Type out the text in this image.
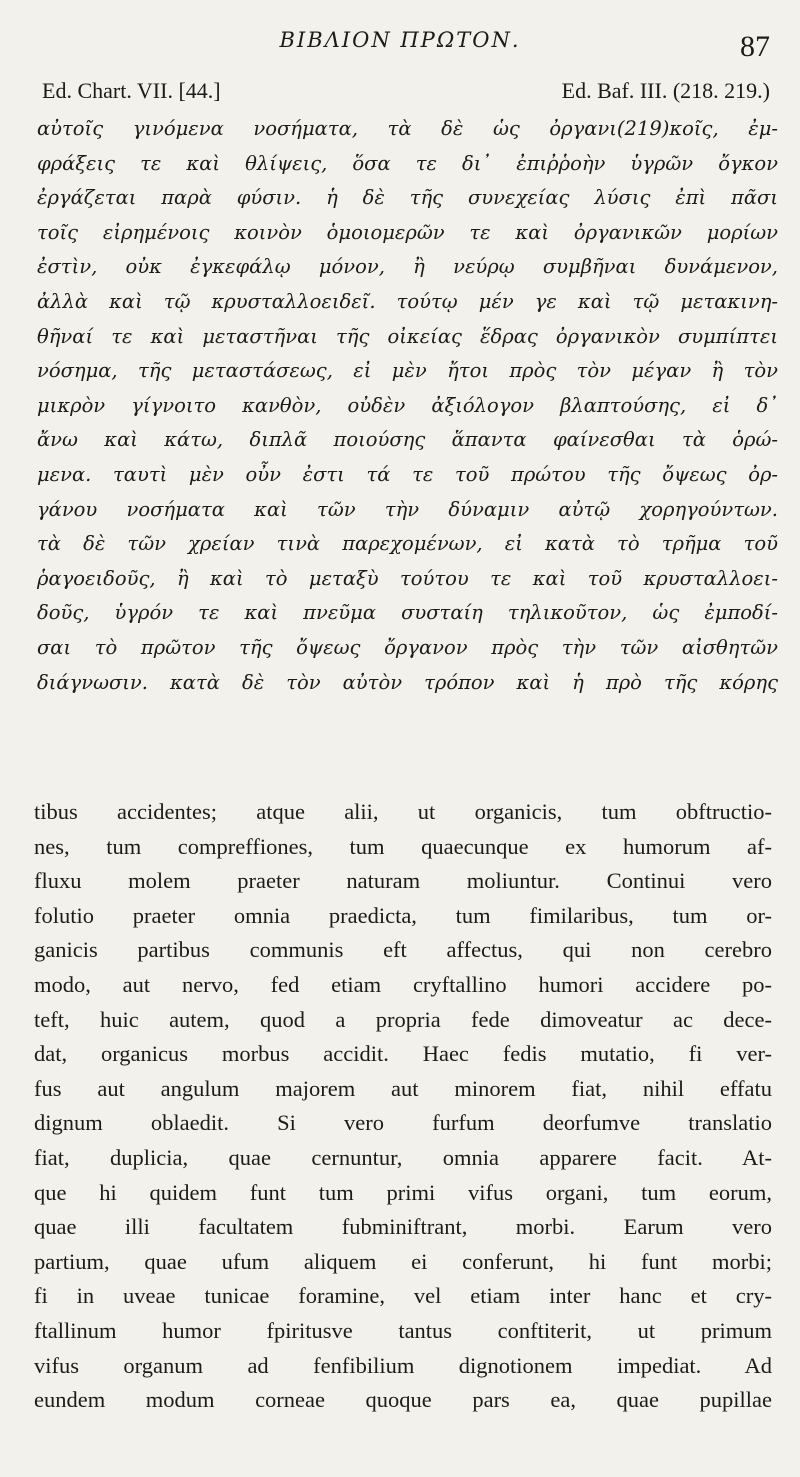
ΒΙΒΛΙΟΝ ΠΡΩΤΟΝ.	87
Ed. Chart. VII. [44.]	Ed. Baf. III. (218. 219.)
αὐτοῖς γινόμενα νοσήματα, τὰ δὲ ὡς ὀργανι(219)κοῖς, ἐμ-
φράξεις τε καὶ θλίψεις, ὅσα τε δι᾽ ἐπιῤῥοὴν ὑγρῶν ὄγκον
ἐργάζεται παρὰ φύσιν. ἡ δὲ τῆς συνεχείας λύσις ἐπὶ πᾶσι
τοῖς εἰρημένοις κοινὸν ὁμοιομερῶν τε καὶ ὀργανικῶν μορίων
ἐστὶν, οὐκ ἐγκεφάλῳ μόνον, ἢ νεύρῳ συμβῆναι δυνάμενον,
ἀλλὰ καὶ τῷ κρυσταλλοειδεῖ. τούτῳ μέν γε καὶ τῷ μετακινη-
θῆναί τε καὶ μεταστῆναι τῆς οἰκείας ἕδρας ὀργανικὸν συμπίπτει
νόσημα, τῆς μεταστάσεως, εἰ μὲν ἤτοι πρὸς τὸν μέγαν ἢ τὸν
μικρὸν γίγνοιτο κανθὸν, οὐδὲν ἀξιόλογον βλαπτούσης, εἰ δ᾽
ἄνω καὶ κάτω, διπλᾶ ποιούσης ἅπαντα φαίνεσθαι τὰ ὁρώ-
μενα. ταυτὶ μὲν οὖν ἐστι τά τε τοῦ πρώτου τῆς ὄψεως ὀρ-
γάνου νοσήματα καὶ τῶν τὴν δύναμιν αὐτῷ χορηγούντων.
τὰ δὲ τῶν χρείαν τινὰ παρεχομένων, εἰ κατὰ τὸ τρῆμα τοῦ
ῥαγοειδοῦς, ἢ καὶ τὸ μεταξὺ τούτου τε καὶ τοῦ κρυσταλλοει-
δοῦς, ὑγρόν τε καὶ πνεῦμα συσταίη τηλικοῦτον, ὡς ἐμποδί-
σαι τὸ πρῶτον τῆς ὄψεως ὄργανον πρὸς τὴν τῶν αἰσθητῶν
διάγνωσιν. κατὰ δὲ τὸν αὐτὸν τρόπον καὶ ἡ πρὸ τῆς κόρης
tibus accidentes; atque alii, ut organicis, tum obftructio-
nes, tum compreffiones, tum quaecunque ex humorum af-
fluxu molem praeter naturam moliuntur. Continui vero
folutio praeter omnia praedicta, tum fimilaribus, tum or-
ganicis partibus communis eft affectus, qui non cerebro
modo, aut nervo, fed etiam cryftallino humori accidere po-
teft, huic autem, quod a propria fede dimoveatur ac dece-
dat, organicus morbus accidit. Haec fedis mutatio, fi ver-
fus aut angulum majorem aut minorem fiat, nihil effatu
dignum oblaedit. Si vero furfum deorfumve translatio
fiat, duplicia, quae cernuntur, omnia apparere facit. At-
que hi quidem funt tum primi vifus organi, tum eorum,
quae illi facultatem fubminiftrant, morbi. Earum vero
partium, quae ufum aliquem ei conferunt, hi funt morbi;
fi in uveae tunicae foramine, vel etiam inter hanc et cry-
ftallinum humor fpiritusve tantus conftiterit, ut primum
vifus organum ad fenfibilium dignotionem impediat. Ad
eundem modum corneae quoque pars ea, quae pupillae
